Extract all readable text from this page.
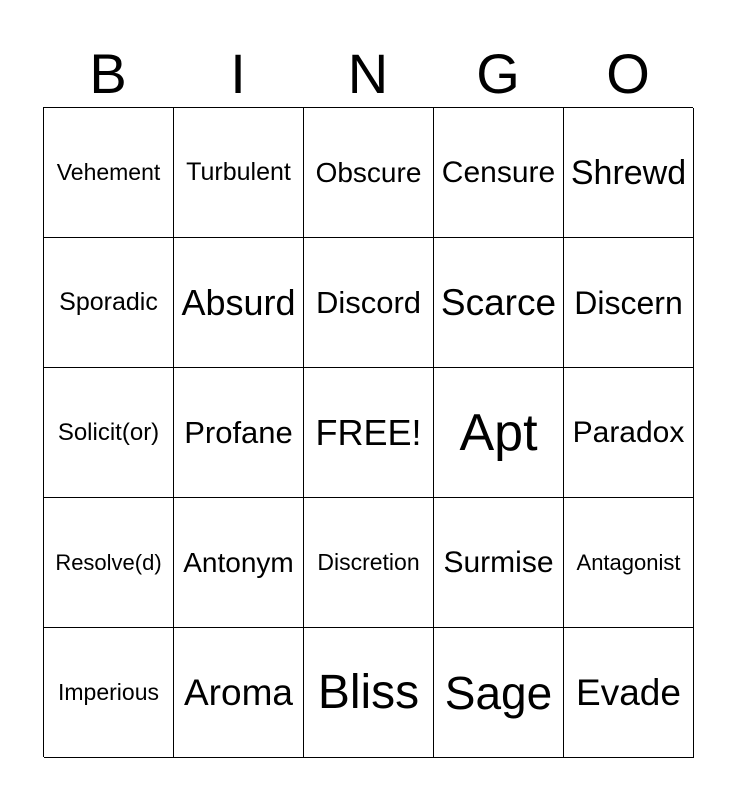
B	I	N	G	O
Vehement	Turbulent Obscure Censure Shrewd
Sporadic Absurd Discord Scarce Discern
Solicit(or) Profane FREE! Apt	Paradox
Resolve(d) Antonym	Discretion Surmise	Antagonist
Imperious Aroma Bliss Sage Evade
